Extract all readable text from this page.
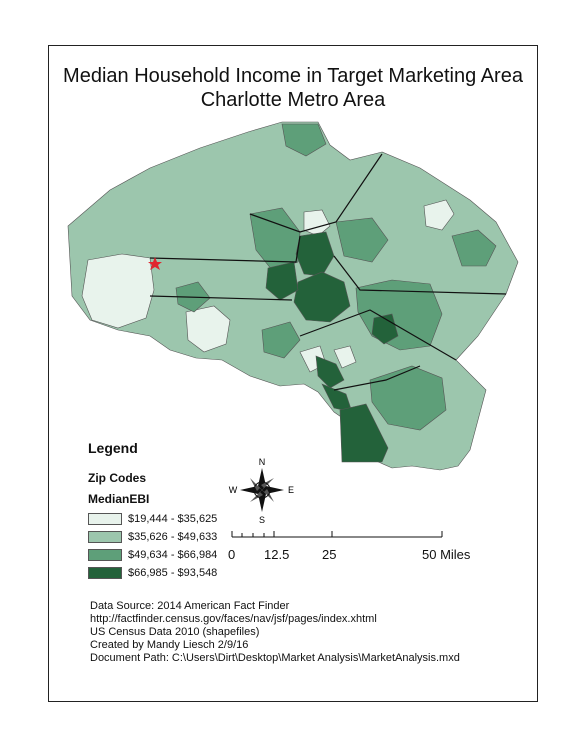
Median Household Income in Target Marketing Area
Charlotte Metro Area
N
S
W	E
Legend
Zip Codes
MedianEBI
$19,444 - $35,625
$35,626 - $49,633
$49,634 - $66,984
$66,985 - $93,548
0 12.5	25	50 Miles
Data Source: 2014 American Fact Finder
http://factfinder.census.gov/faces/nav/jsf/pages/index.xhtml
US Census Data 2010 (shapefiles)
Created by Mandy Liesch 2/9/16
Document Path: C:\Users\Dirt\Desktop\Market Analysis\MarketAnalysis.mxd
